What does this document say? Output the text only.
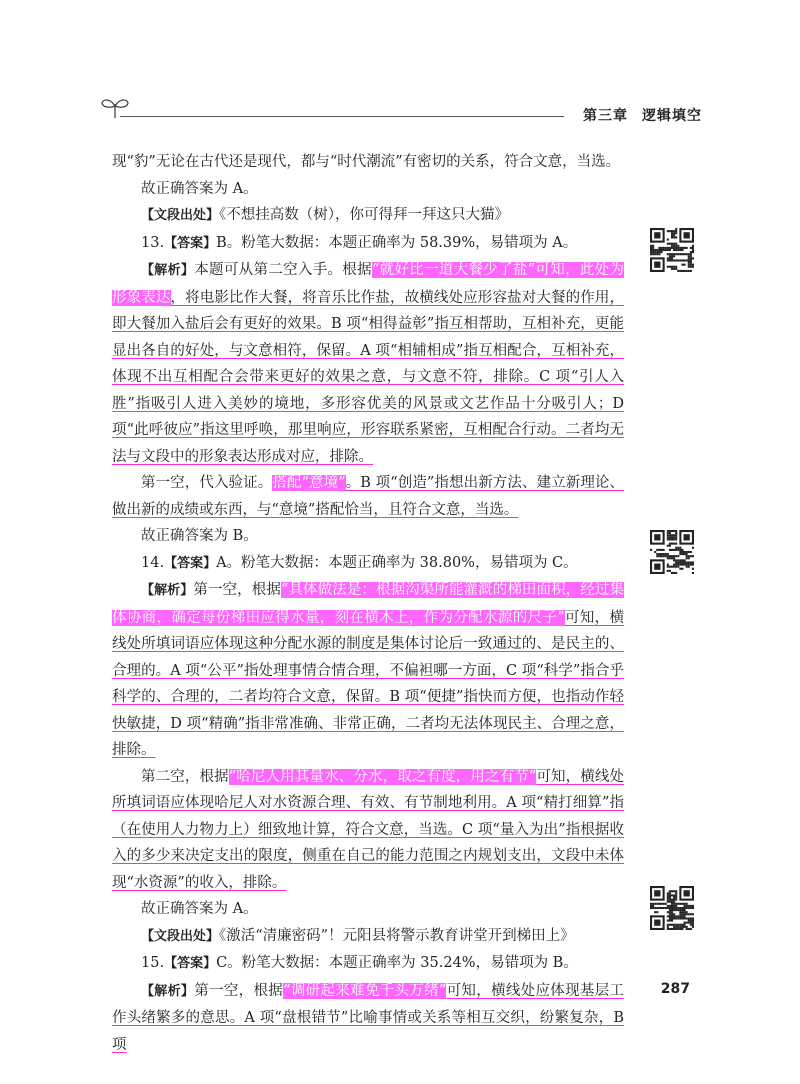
第三章 逻辑填空

现“豹”无论在古代还是现代，都与“时代潮流”有密切的关系，符合文意，当选。

故正确答案为 A。

【文段出处】《不想挂高数（树），你可得拜一拜这只大猫》

13.【答案】B。粉笔大数据：本题正确率为 58.39%，易错项为 A。

【解析】本题可从第二空入手。根据“就好比一道大餐少了盐”可知，此处为形象表达，将电影比作大餐，将音乐比作盐，故横线处应形容盐对大餐的作用，即大餐加入盐后会有更好的效果。B 项“相得益彰”指互相帮助，互相补充，更能显出各自的好处，与文意相符，保留。A 项“相辅相成”指互相配合，互相补充，体现不出互相配合会带来更好的效果之意，与文意不符，排除。C 项“引人入胜”指吸引人进入美妙的境地，多形容优美的风景或文艺作品十分吸引人；D 项“此呼彼应”指这里呼唤，那里响应，形容联系紧密，互相配合行动。二者均无法与文段中的形象表达形成对应，排除。

第一空，代入验证。搭配“意境”。B 项“创造”指想出新方法、建立新理论、做出新的成绩或东西，与“意境”搭配恰当，且符合文意，当选。

故正确答案为 B。

14.【答案】A。粉笔大数据：本题正确率为 38.80%，易错项为 C。

【解析】第一空，根据“具体做法是：根据沟渠所能灌溉的梯田面积，经过集体协商，确定每份梯田应得水量，刻在横木上，作为分配水源的尺子”可知，横线处所填词语应体现这种分配水源的制度是集体讨论后一致通过的、是民主的、合理的。A 项“公平”指处理事情合情合理，不偏袒哪一方面，C 项“科学”指合乎科学的、合理的，二者均符合文意，保留。B 项“便捷”指快而方便，也指动作轻快敏捷，D 项“精确”指非常准确、非常正确，二者均无法体现民主、合理之意，排除。

第二空，根据“哈尼人用其量水、分水，取之有度，用之有节”可知，横线处所填词语应体现哈尼人对水资源合理、有效、有节制地利用。A 项“精打细算”指（在使用人力物力上）细致地计算，符合文意，当选。C 项“量入为出”指根据收入的多少来决定支出的限度，侧重在自己的能力范围之内规划支出，文段中未体现“水资源”的收入，排除。

故正确答案为 A。

【文段出处】《激活“清廉密码”！元阳县将警示教育讲堂开到梯田上》

15.【答案】C。粉笔大数据：本题正确率为 35.24%，易错项为 B。

【解析】第一空，根据“调研起来难免千头万绪”可知，横线处应体现基层工作头绪繁多的意思。A 项“盘根错节”比喻事情或关系等相互交织，纷繁复杂，B 项

287
